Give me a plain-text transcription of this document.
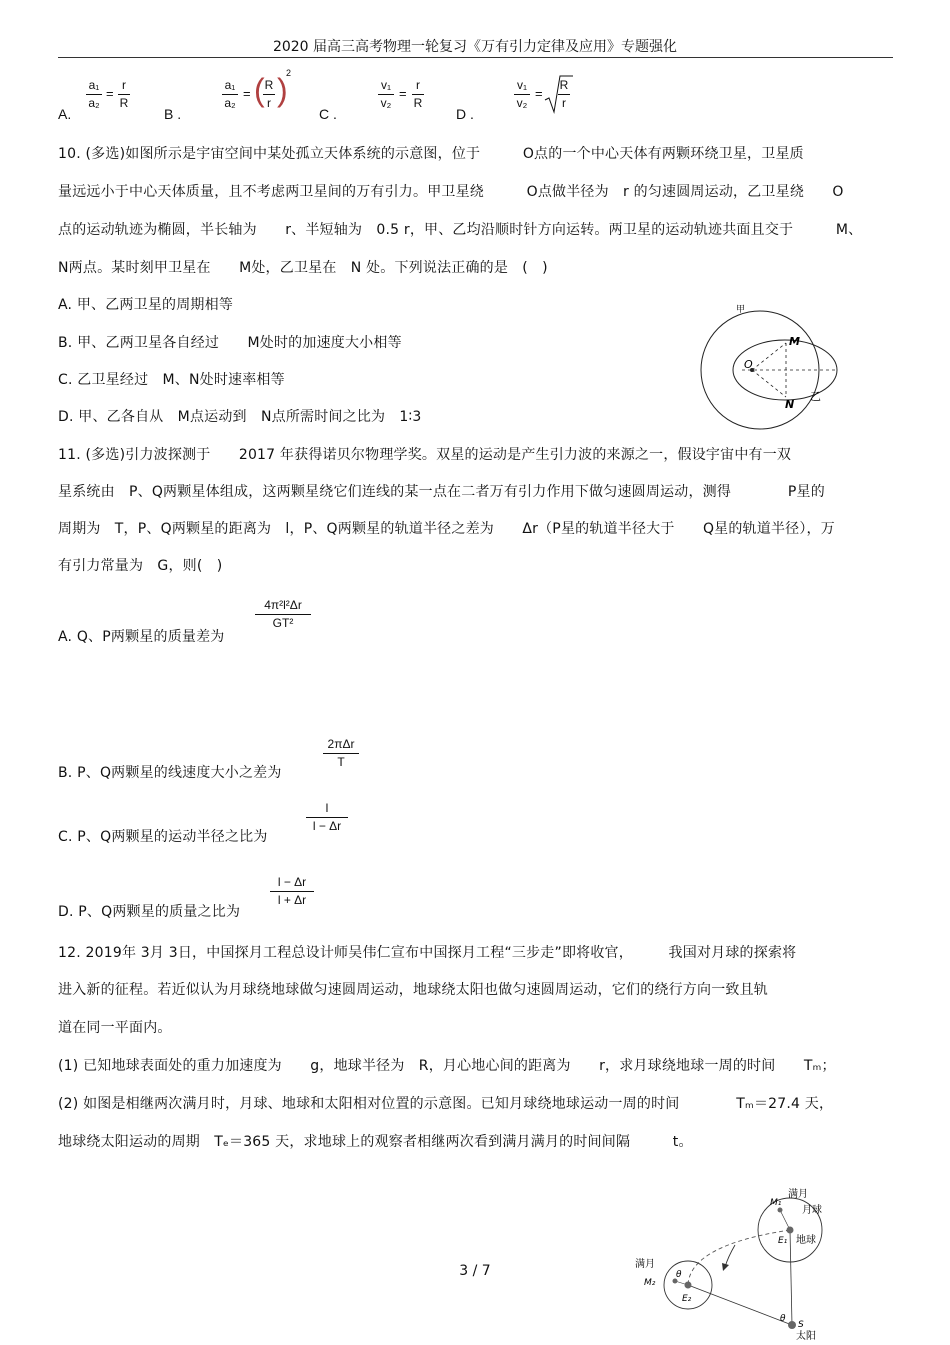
2020 届高三高考物理一轮复习《万有引力定律及应用》专题强化
A.
a₁
a₂
=
r
R
B .
a₁
a₂
= ( R
r )
2
C .
v₁
v₂
=
r
R
D .
v₁
v₂
=
R
r
10. (多选)如图所示是宇宙空间中某处孤立天体系统的示意图，位于　　　O点的一个中心天体有两颗环绕卫星，卫星质
量远远小于中心天体质量，且不考虑两卫星间的万有引力。甲卫星绕　　　O点做半径为　r 的匀速圆周运动，乙卫星绕　　O
点的运动轨迹为椭圆，半长轴为　　r、半短轴为　0.5 r，甲、乙均沿顺时针方向运转。两卫星的运动轨迹共面且交于　　　M、
N两点。某时刻甲卫星在　　M处，乙卫星在　N 处。下列说法正确的是　(　)
A. 甲、乙两卫星的周期相等
B. 甲、乙两卫星各自经过　　M处时的加速度大小相等
C. 乙卫星经过　M、N处时速率相等
D. 甲、乙各自从　M点运动到　N点所需时间之比为　1∶3
甲
M
O
N
乙
11. (多选)引力波探测于　　2017 年获得诺贝尔物理学奖。双星的运动是产生引力波的来源之一，假设宇宙中有一双
星系统由　P、Q两颗星体组成，这两颗星绕它们连线的某一点在二者万有引力作用下做匀速圆周运动，测得　　　　P星的
周期为　T，P、Q两颗星的距离为　l，P、Q两颗星的轨道半径之差为　　Δr（P星的轨道半径大于　　Q星的轨道半径），万
有引力常量为　G，则(　)
A. Q、P两颗星的质量差为
4π²l²Δr
GT²
B. P、Q两颗星的线速度大小之差为
2πΔr
T
C. P、Q两颗星的运动半径之比为
l
l − Δr
D. P、Q两颗星的质量之比为
l − Δr
l + Δr
12. 2019年 3月 3日，中国探月工程总设计师吴伟仁宣布中国探月工程“三步走”即将收官，　　　我国对月球的探索将
进入新的征程。若近似认为月球绕地球做匀速圆周运动，地球绕太阳也做匀速圆周运动，它们的绕行方向一致且轨
道在同一平面内。
(1) 已知地球表面处的重力加速度为　　g，地球半径为　R，月心地心间的距离为　　r，求月球绕地球一周的时间　　Tₘ；
(2) 如图是相继两次满月时，月球、地球和太阳相对位置的示意图。已知月球绕地球运动一周的时间　　　　Tₘ＝27.4 天，
地球绕太阳运动的周期　Tₑ＝365 天，求地球上的观察者相继两次看到满月满月的时间间隔　　　t。
满月
月球
M₁
地球
E₁
满月
M₂
E₂
θ
θ
S
太阳
3 / 7
